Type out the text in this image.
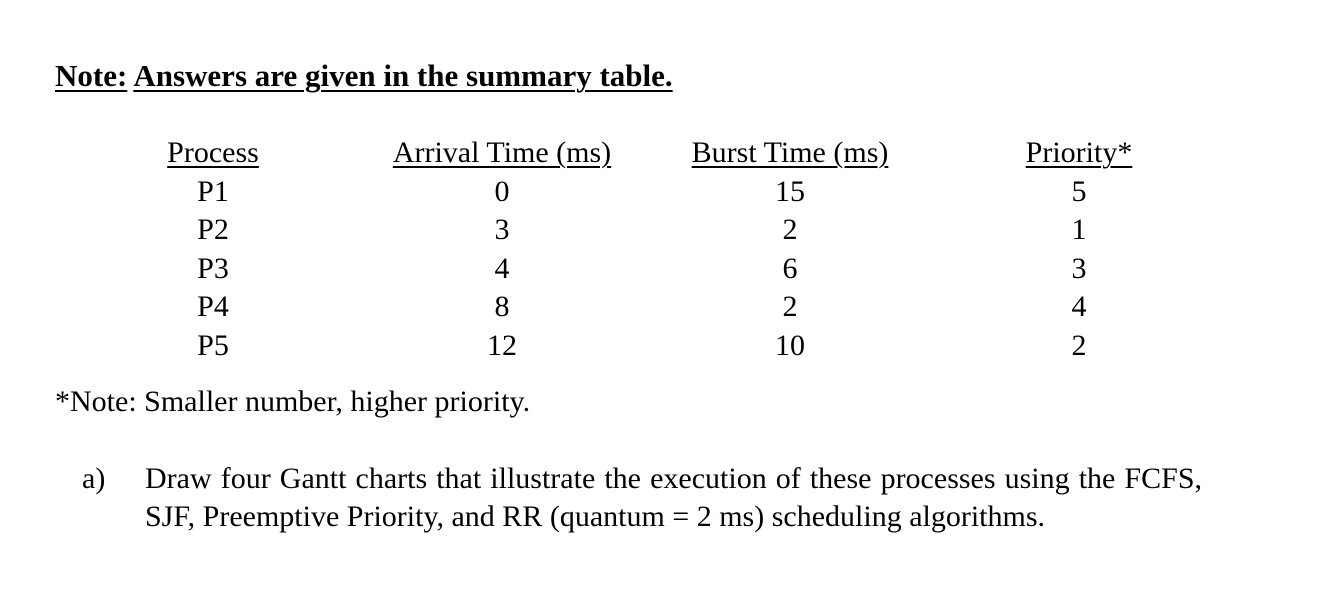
Note: Answers are given in the summary table.
Process	Arrival Time (ms)	Burst Time (ms)	Priority*
P1	0	15	5
P2	3	2	1
P3	4	6	3
P4	8	2	4
P5	12	10	2
*Note: Smaller number, higher priority.
a) Draw four Gantt charts that illustrate the execution of these processes using the FCFS, SJF, Preemptive Priority, and RR (quantum = 2 ms) scheduling algorithms.
